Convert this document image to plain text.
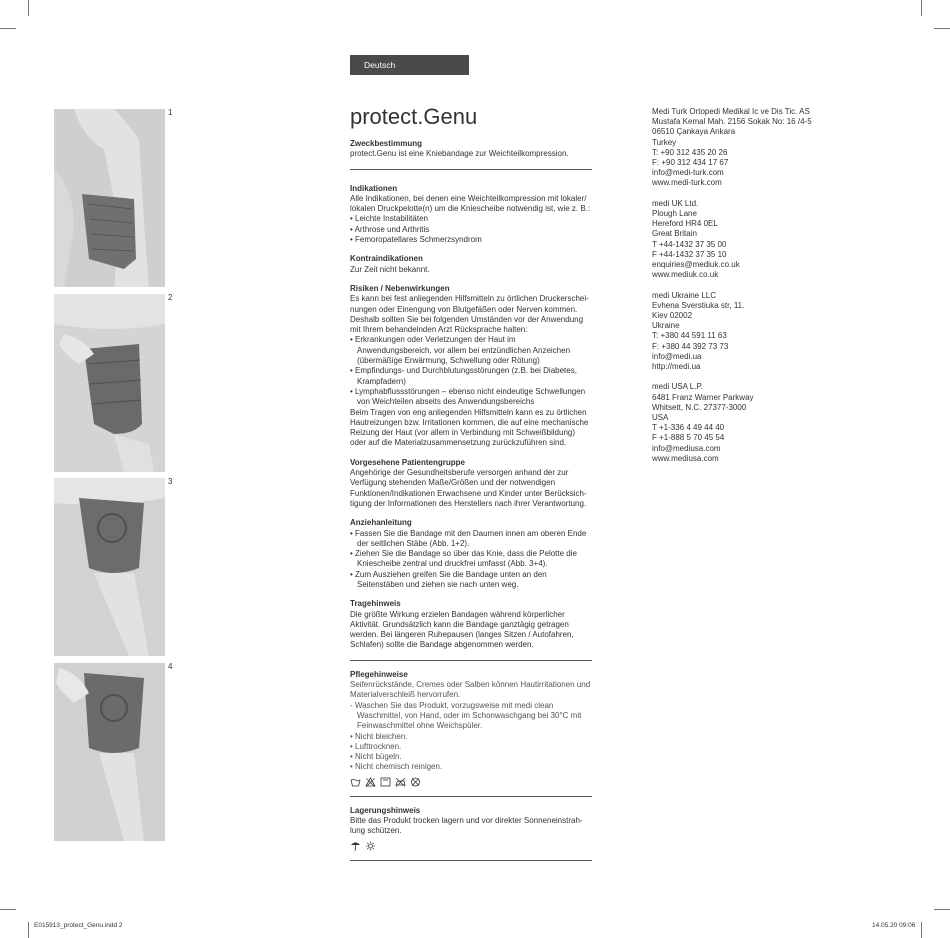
Deutsch
1
2
3
4
protect.Genu
Zweckbestimmung

protect.Genu ist eine Kniebandage zur Weichteilkompression.

Indikationen

Alle Indikationen, bei denen eine Weichteilkompression mit lokaler/ lokalen Druckpelotte(n) um die Kniescheibe notwendig ist, wie z. B.:

• Leichte Instabilitäten
• Arthrose und Arthritis
• Femoropatellares Schmerzsyndrom
Kontraindikationen

Zur Zeit nicht bekannt.

Risiken / Nebenwirkungen

Es kann bei fest anliegenden Hilfsmitteln zu örtlichen Druckerschei-nungen oder Einengung von Blutgefäßen oder Nerven kommen. Deshalb sollten Sie bei folgenden Umständen vor der Anwendung mit Ihrem behandelnden Arzt Rücksprache halten:

• Erkrankungen oder Verletzungen der Haut im Anwendungsbereich, vor allem bei entzündlichen Anzeichen (übermäßige Erwärmung, Schwellung oder Rötung)
• Empfindungs- und Durchblutungsstörungen (z.B. bei Diabetes, Krampfadern)
• Lymphabflussstörungen – ebenso nicht eindeutige Schwellungen von Weichteilen abseits des Anwendungsbereichs

Beim Tragen von eng anliegenden Hilfsmitteln kann es zu örtlichen Hautreizungen bzw. Irritationen kommen, die auf eine mechanische Reizung der Haut (vor allem in Verbindung mit Schweißbildung) oder auf die Materialzusammensetzung zurückzuführen sind.

Vorgesehene Patientengruppe

Angehörige der Gesundheitsberufe versorgen anhand der zur Verfügung stehenden Maße/Größen und der notwendigen Funktionen/Indikationen Erwachsene und Kinder unter Berücksich-tigung der Informationen des Herstellers nach ihrer Verantwortung.

Anziehanleitung
• Fassen Sie die Bandage mit den Daumen innen am oberen Ende der seitlichen Stäbe (Abb. 1+2).
• Ziehen Sie die Bandage so über das Knie, dass die Pelotte die Kniescheibe zentral und druckfrei umfasst (Abb. 3+4).
• Zum Ausziehen greifen Sie die Bandage unten an den Seitenstäben und ziehen sie nach unten weg.
Tragehinweis

Die größte Wirkung erzielen Bandagen während körperlicher Aktivität. Grundsätzlich kann die Bandage ganztägig getragen werden. Bei längeren Ruhepausen (langes Sitzen / Autofahren, Schlafen) sollte die Bandage abgenommen werden.

Pflegehinweise

Seifenrückstände, Cremes oder Salben können Hautirritationen und Materialverschleiß hervorrufen.

- Waschen Sie das Produkt, vorzugsweise mit medi clean Waschmittel, von Hand, oder im Schonwaschgang bei 30°C mit Feinwaschmittel ohne Weichspüler.
• Nicht bleichen.
• Lufttrocknen.
• Nicht bügeln.
• Nicht chemisch reinigen.
Lagerungshinweis

Bitte das Produkt trocken lagern und vor direkter Sonneneinstrah-lung schützen.

Medi Turk Ortopedi Medikal Ic ve Dis Tic. AS
Mustafa Kemal Mah. 2156 Sokak No: 16 /4-5
06510 Çankaya Ankara
Turkey
T: +90 312 435 20 26
F: +90 312 434 17 67
info@medi-turk.com
www.medi-turk.com
medi UK Ltd.
Plough Lane
Hereford HR4 0EL
Great Britain
T +44-1432 37 35 00
F +44-1432 37 35 10
enquiries@mediuk.co.uk
www.mediuk.co.uk
medi Ukraine LLC
Evhena Sverstiuka str, 11.
Kiev 02002
Ukraine
T: +380 44 591 11 63
F: +380 44 392 73 73
info@medi.ua
http://medi.ua
medi USA L.P.
6481 Franz Warner Parkway
Whitsett, N.C. 27377-3000
USA
T +1-336 4 49 44 40
F +1-888 5 70 45 54
info@mediusa.com
www.mediusa.com
E015913_protect_Genu.indd 2	14.05.20 09:06
